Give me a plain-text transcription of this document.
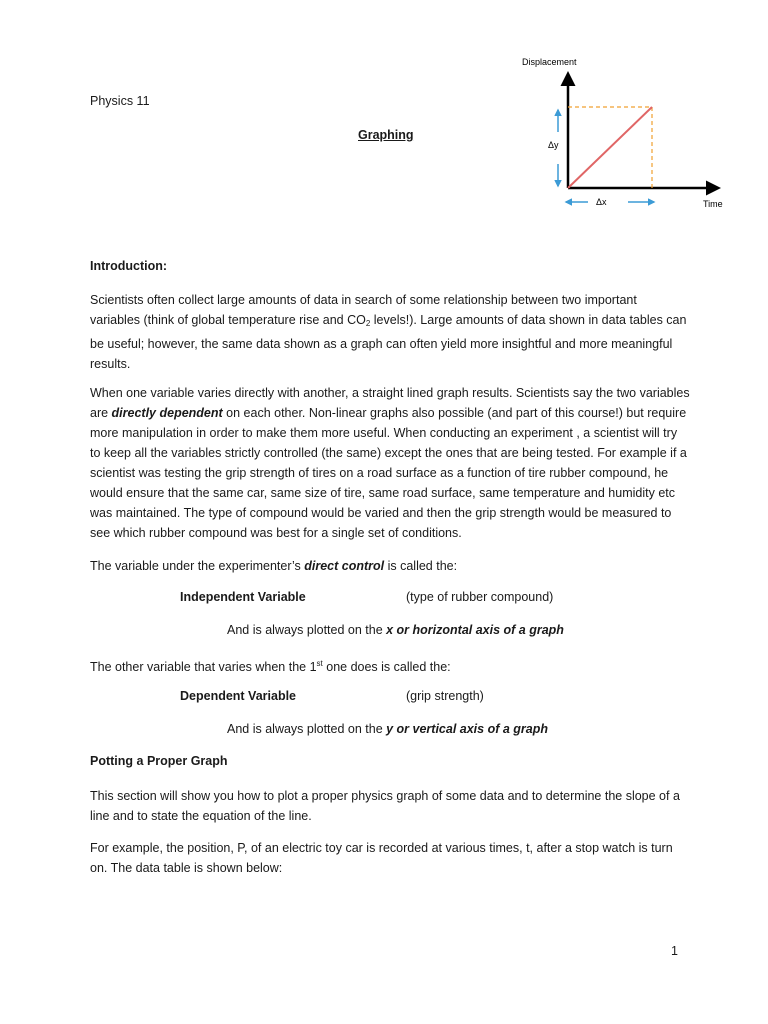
Physics 11
Graphing
Displacement
Time
Δy
Δx
Introduction:
Scientists often collect large amounts of data in search of some relationship between two important variables (think of global temperature rise and $CO_2$ levels!). Large amounts of data shown in data tables can be useful; however, the same data shown as a graph can often yield more insightful and more meaningful results.
When one variable varies directly with another, a straight lined graph results. Scientists say the two variables are directly dependent on each other. Non-linear graphs also possible (and part of this course!) but require more manipulation in order to make them more useful. When conducting an experiment , a scientist will try to keep all the variables strictly controlled (the same) except the ones that are being tested. For example if a scientist was testing the grip strength of tires on a road surface as a function of tire rubber compound, he would ensure that the same car, same size of tire, same road surface, same temperature and humidity etc was maintained. The type of compound would be varied and then the grip strength would be measured to see which rubber compound was best for a single set of conditions.
The variable under the experimenter’s direct control is called the:
Independent Variable	(type of rubber compound)
And is always plotted on the x or horizontal axis of a graph
The other variable that varies when the 1st one does is called the:
Dependent Variable	(grip strength)
And is always plotted on the y or vertical axis of a graph
Potting a Proper Graph
This section will show you how to plot a proper physics graph of some data and to determine the slope of a line and to state the equation of the line.
For example, the position, P, of an electric toy car is recorded at various times, t, after a stop watch is turn on. The data table is shown below:
1
